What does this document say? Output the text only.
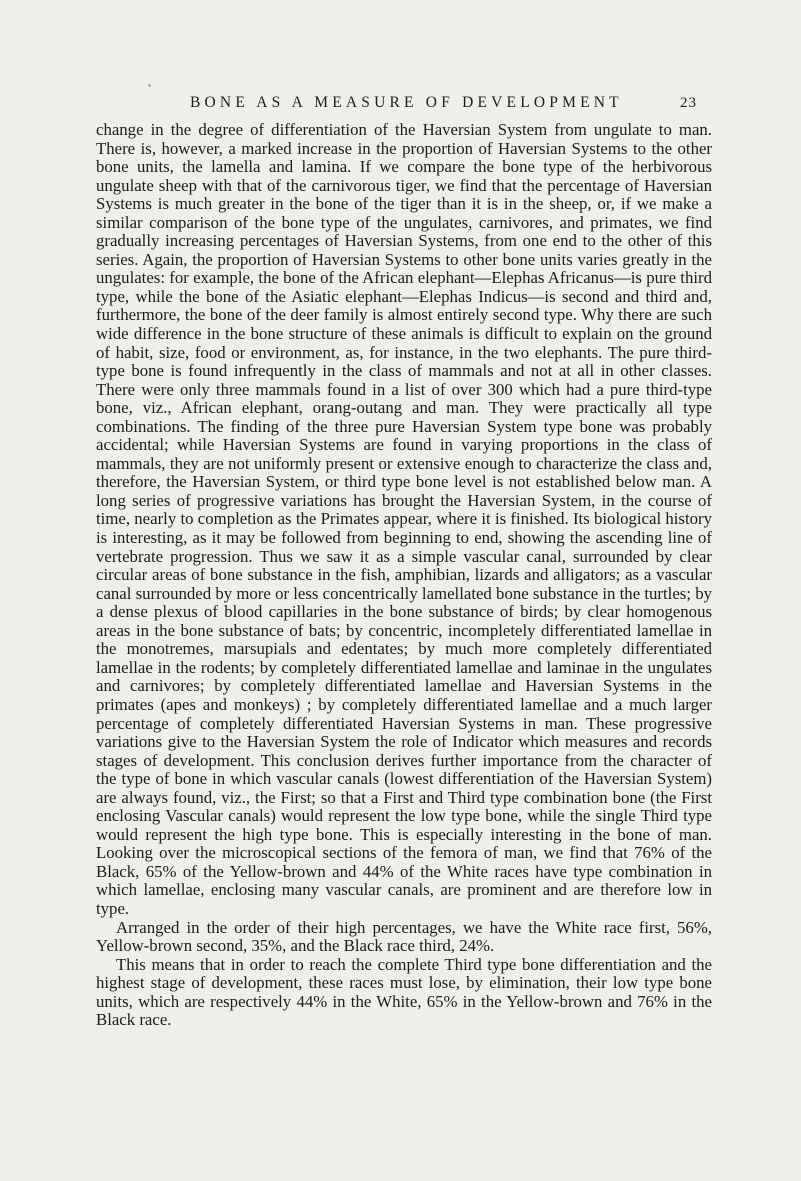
BONE AS A MEASURE OF DEVELOPMENT	23

change in the degree of differentiation of the Haversian System from ungulate to man. There is, however, a marked increase in the proportion of Haversian Systems to the other bone units, the lamella and lamina. If we compare the bone type of the herbivorous ungulate sheep with that of the carnivorous tiger, we find that the percentage of Haversian Systems is much greater in the bone of the tiger than it is in the sheep, or, if we make a similar comparison of the bone type of the ungulates, carnivores, and primates, we find gradually increasing percentages of Haversian Systems, from one end to the other of this series. Again, the proportion of Haversian Systems to other bone units varies greatly in the ungulates: for example, the bone of the African elephant—Elephas Africanus—is pure third type, while the bone of the Asiatic elephant—Elephas Indicus—is second and third and, furthermore, the bone of the deer family is almost entirely second type. Why there are such wide difference in the bone structure of these animals is difficult to explain on the ground of habit, size, food or environment, as, for instance, in the two elephants. The pure third-type bone is found infrequently in the class of mammals and not at all in other classes. There were only three mammals found in a list of over 300 which had a pure third-type bone, viz., African elephant, orang-outang and man. They were practically all type combinations. The finding of the three pure Haversian System type bone was probably accidental; while Haversian Systems are found in varying proportions in the class of mammals, they are not uniformly present or extensive enough to characterize the class and, therefore, the Haversian System, or third type bone level is not established below man. A long series of progressive variations has brought the Haversian System, in the course of time, nearly to completion as the Primates appear, where it is finished. Its biological history is interesting, as it may be followed from beginning to end, showing the ascending line of vertebrate progression. Thus we saw it as a simple vascular canal, surrounded by clear circular areas of bone substance in the fish, amphibian, lizards and alligators; as a vascular canal surrounded by more or less concentrically lamellated bone substance in the turtles; by a dense plexus of blood capillaries in the bone substance of birds; by clear homogenous areas in the bone substance of bats; by concentric, incompletely differentiated lamellae in the monotremes, marsupials and edentates; by much more completely differentiated lamellae in the rodents; by completely differentiated lamellae and laminae in the ungulates and carnivores; by completely differentiated lamellae and Haversian Systems in the primates (apes and monkeys) ; by completely differentiated lamellae and a much larger percentage of completely differentiated Haversian Systems in man. These progressive variations give to the Haversian System the role of Indicator which measures and records stages of development. This conclusion derives further importance from the character of the type of bone in which vascular canals (lowest differentiation of the Haversian System) are always found, viz., the First; so that a First and Third type combination bone (the First enclosing Vascular canals) would represent the low type bone, while the single Third type would represent the high type bone. This is especially interesting in the bone of man. Looking over the microscopical sections of the femora of man, we find that 76% of the Black, 65% of the Yellow-brown and 44% of the White races have type combination in which lamellae, enclosing many vascular canals, are prominent and are therefore low in type.

Arranged in the order of their high percentages, we have the White race first, 56%, Yellow-brown second, 35%, and the Black race third, 24%.

This means that in order to reach the complete Third type bone differentiation and the highest stage of development, these races must lose, by elimination, their low type bone units, which are respectively 44% in the White, 65% in the Yellow-brown and 76% in the Black race.
